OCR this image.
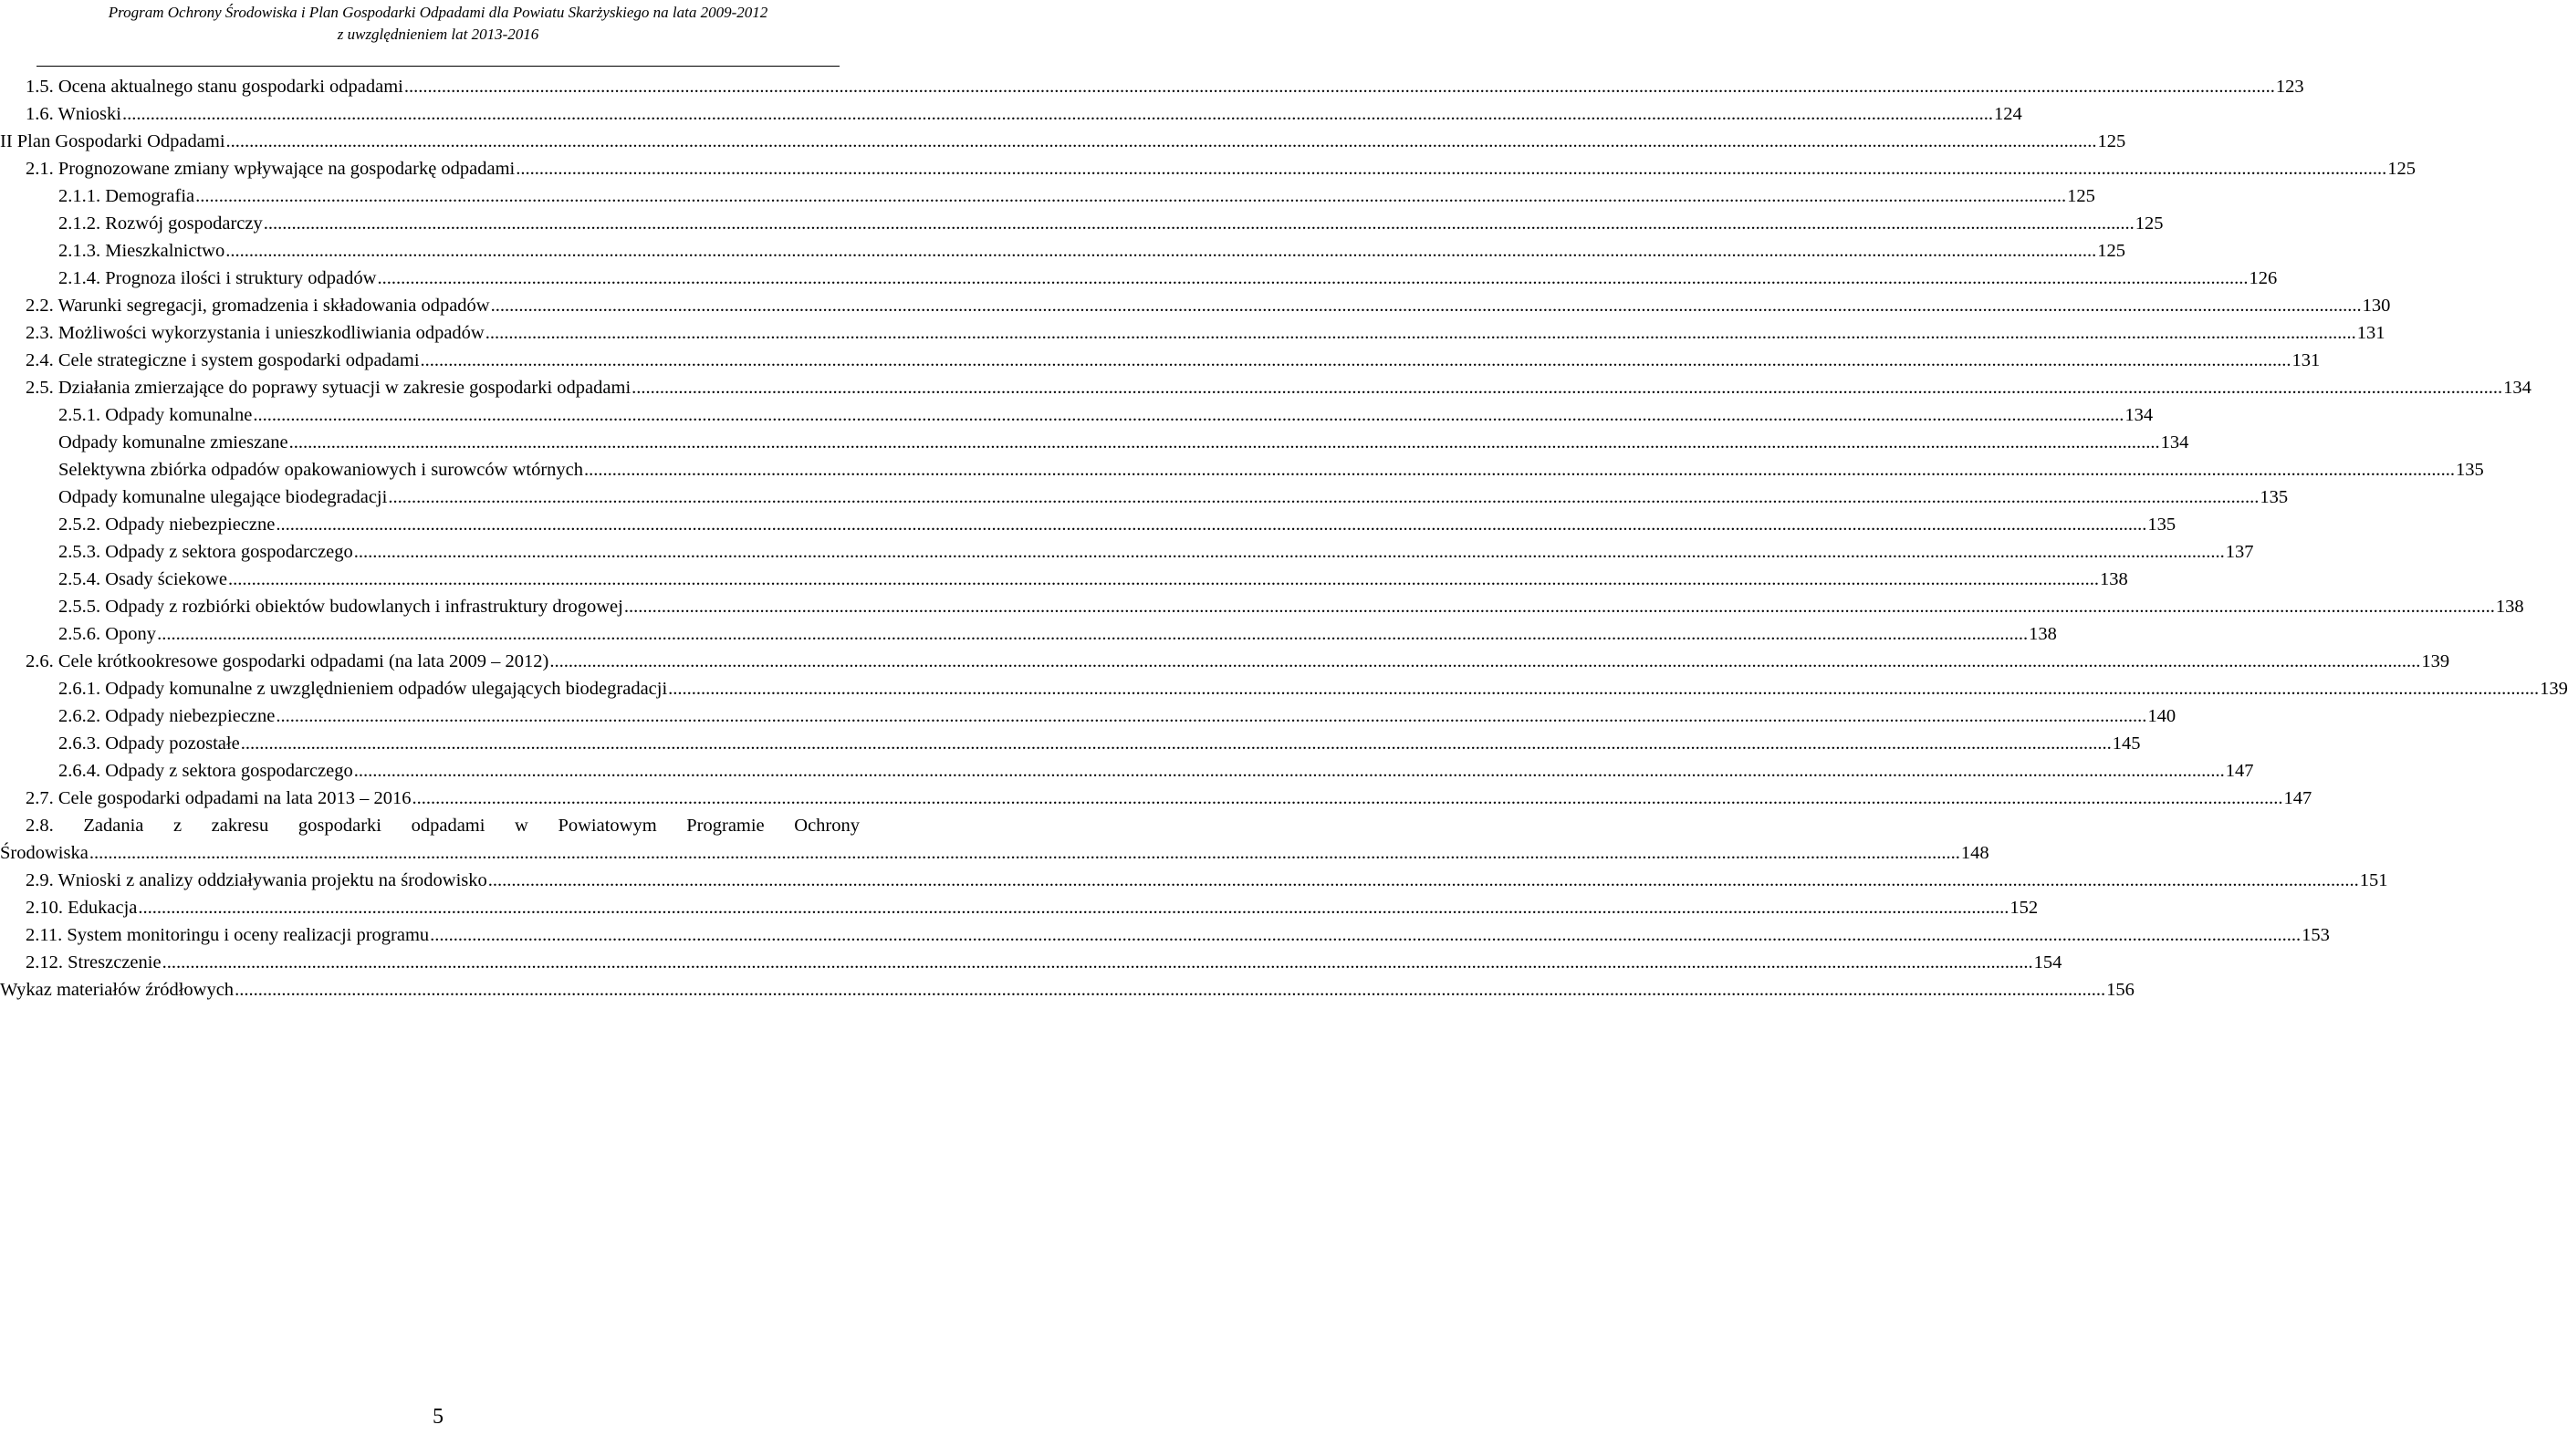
Program Ochrony Środowiska i Plan Gospodarki Odpadami dla Powiatu Skarżyskiego na lata 2009-2012
z uwzględnieniem lat 2013-2016
1.5. Ocena aktualnego stanu gospodarki odpadami ................................................................................................................................................................................................................................................................................................................................................................................................................ 123
1.6. Wnioski ................................................................................................................................................................................................................................................................................................................................................................................................................ 124
II Plan Gospodarki Odpadami ................................................................................................................................................................................................................................................................................................................................................................................................................ 125
2.1. Prognozowane zmiany wpływające na gospodarkę odpadami ................................................................................................................................................................................................................................................................................................................................................................................................................ 125
2.1.1. Demografia ................................................................................................................................................................................................................................................................................................................................................................................................................ 125
2.1.2. Rozwój gospodarczy ................................................................................................................................................................................................................................................................................................................................................................................................................ 125
2.1.3. Mieszkalnictwo ................................................................................................................................................................................................................................................................................................................................................................................................................ 125
2.1.4. Prognoza ilości i struktury odpadów ................................................................................................................................................................................................................................................................................................................................................................................................................ 126
2.2. Warunki segregacji, gromadzenia i składowania odpadów ................................................................................................................................................................................................................................................................................................................................................................................................................ 130
2.3. Możliwości wykorzystania i unieszkodliwiania odpadów ................................................................................................................................................................................................................................................................................................................................................................................................................ 131
2.4. Cele strategiczne i system gospodarki odpadami ................................................................................................................................................................................................................................................................................................................................................................................................................ 131
2.5. Działania zmierzające do poprawy sytuacji w zakresie gospodarki odpadami ................................................................................................................................................................................................................................................................................................................................................................................................................ 134
2.5.1. Odpady komunalne ................................................................................................................................................................................................................................................................................................................................................................................................................ 134
Odpady komunalne zmieszane ................................................................................................................................................................................................................................................................................................................................................................................................................ 134
Selektywna zbiórka odpadów opakowaniowych i surowców wtórnych ................................................................................................................................................................................................................................................................................................................................................................................................................ 135
Odpady komunalne ulegające biodegradacji ................................................................................................................................................................................................................................................................................................................................................................................................................ 135
2.5.2. Odpady niebezpieczne ................................................................................................................................................................................................................................................................................................................................................................................................................ 135
2.5.3. Odpady z sektora gospodarczego ................................................................................................................................................................................................................................................................................................................................................................................................................ 137
2.5.4. Osady ściekowe ................................................................................................................................................................................................................................................................................................................................................................................................................ 138
2.5.5. Odpady z rozbiórki obiektów budowlanych i infrastruktury drogowej ................................................................................................................................................................................................................................................................................................................................................................................................................ 138
2.5.6. Opony ................................................................................................................................................................................................................................................................................................................................................................................................................ 138
2.6. Cele krótkookresowe gospodarki odpadami (na lata 2009 – 2012) ................................................................................................................................................................................................................................................................................................................................................................................................................ 139
2.6.1. Odpady komunalne z uwzględnieniem odpadów ulegających biodegradacji ................................................................................................................................................................................................................................................................................................................................................................................................................ 139
2.6.2. Odpady niebezpieczne ................................................................................................................................................................................................................................................................................................................................................................................................................ 140
2.6.3. Odpady pozostałe ................................................................................................................................................................................................................................................................................................................................................................................................................ 145
2.6.4. Odpady z sektora gospodarczego ................................................................................................................................................................................................................................................................................................................................................................................................................ 147
2.7. Cele gospodarki odpadami na lata 2013 – 2016 ................................................................................................................................................................................................................................................................................................................................................................................................................ 147
2.8. Zadania z zakresu gospodarki odpadami w Powiatowym Programie Ochrony
Środowiska ................................................................................................................................................................................................................................................................................................................................................................................................................ 148
2.9. Wnioski z analizy oddziaływania projektu na środowisko ................................................................................................................................................................................................................................................................................................................................................................................................................ 151
2.10. Edukacja ................................................................................................................................................................................................................................................................................................................................................................................................................ 152
2.11. System monitoringu i oceny realizacji programu ................................................................................................................................................................................................................................................................................................................................................................................................................ 153
2.12. Streszczenie ................................................................................................................................................................................................................................................................................................................................................................................................................ 154
Wykaz materiałów źródłowych ................................................................................................................................................................................................................................................................................................................................................................................................................ 156
5
